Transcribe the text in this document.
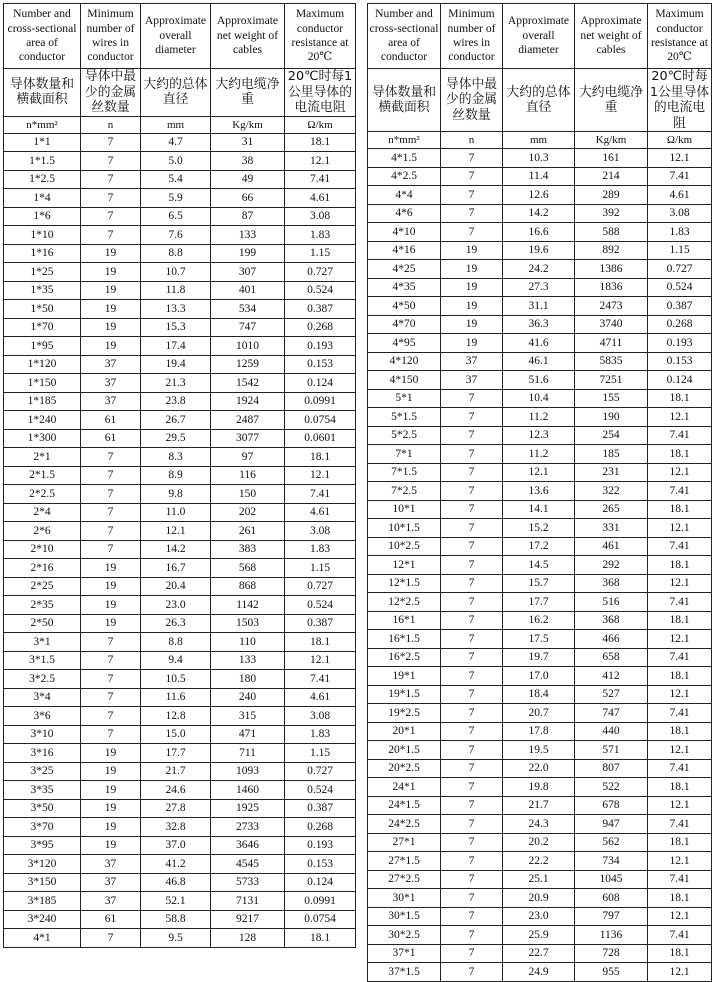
Number and cross-sectional area of conductor	Minimum number of wires in conductor	Approximate overall diameter	Approximate net weight of cables	Maximum conductor resistance at 20℃
导体数量和横截面积	导体中最少的金属丝数量	大约的总体直径	大约电缆净重	20℃时每1公里导体的电流电阻
n*mm²	n	mm	Kg/km	Ω/km
1*1	7	4.7	31	18.1
1*1.5	7	5.0	38	12.1
1*2.5	7	5.4	49	7.41
1*4	7	5.9	66	4.61
1*6	7	6.5	87	3.08
1*10	7	7.6	133	1.83
1*16	19	8.8	199	1.15
1*25	19	10.7	307	0.727
1*35	19	11.8	401	0.524
1*50	19	13.3	534	0.387
1*70	19	15.3	747	0.268
1*95	19	17.4	1010	0.193
1*120	37	19.4	1259	0.153
1*150	37	21.3	1542	0.124
1*185	37	23.8	1924	0.0991
1*240	61	26.7	2487	0.0754
1*300	61	29.5	3077	0.0601
2*1	7	8.3	97	18.1
2*1.5	7	8.9	116	12.1
2*2.5	7	9.8	150	7.41
2*4	7	11.0	202	4.61
2*6	7	12.1	261	3.08
2*10	7	14.2	383	1.83
2*16	19	16.7	568	1.15
2*25	19	20.4	868	0.727
2*35	19	23.0	1142	0.524
2*50	19	26.3	1503	0.387
3*1	7	8.8	110	18.1
3*1.5	7	9.4	133	12.1
3*2.5	7	10.5	180	7.41
3*4	7	11.6	240	4.61
3*6	7	12.8	315	3.08
3*10	7	15.0	471	1.83
3*16	19	17.7	711	1.15
3*25	19	21.7	1093	0.727
3*35	19	24.6	1460	0.524
3*50	19	27.8	1925	0.387
3*70	19	32.8	2733	0.268
3*95	19	37.0	3646	0.193
3*120	37	41.2	4545	0.153
3*150	37	46.8	5733	0.124
3*185	37	52.1	7131	0.0991
3*240	61	58.8	9217	0.0754
4*1	7	9.5	128	18.1
Number and cross-sectional area of conductor	Minimum number of wires in conductor	Approximate overall diameter	Approximate net weight of cables	Maximum conductor resistance at 20℃
导体数量和横截面积	导体中最少的金属丝数量	大约的总体直径	大约电缆净重	20℃时每1公里导体的电流电阻
n*mm²	n	mm	Kg/km	Ω/km
4*1.5	7	10.3	161	12.1
4*2.5	7	11.4	214	7.41
4*4	7	12.6	289	4.61
4*6	7	14.2	392	3.08
4*10	7	16.6	588	1.83
4*16	19	19.6	892	1.15
4*25	19	24.2	1386	0.727
4*35	19	27.3	1836	0.524
4*50	19	31.1	2473	0.387
4*70	19	36.3	3740	0.268
4*95	19	41.6	4711	0.193
4*120	37	46.1	5835	0.153
4*150	37	51.6	7251	0.124
5*1	7	10.4	155	18.1
5*1.5	7	11.2	190	12.1
5*2.5	7	12.3	254	7.41
7*1	7	11.2	185	18.1
7*1.5	7	12.1	231	12.1
7*2.5	7	13.6	322	7.41
10*1	7	14.1	265	18.1
10*1.5	7	15.2	331	12.1
10*2.5	7	17.2	461	7.41
12*1	7	14.5	292	18.1
12*1.5	7	15.7	368	12.1
12*2.5	7	17.7	516	7.41
16*1	7	16.2	368	18.1
16*1.5	7	17.5	466	12.1
16*2.5	7	19.7	658	7.41
19*1	7	17.0	412	18.1
19*1.5	7	18.4	527	12.1
19*2.5	7	20.7	747	7.41
20*1	7	17.8	440	18.1
20*1.5	7	19.5	571	12.1
20*2.5	7	22.0	807	7.41
24*1	7	19.8	522	18.1
24*1.5	7	21.7	678	12.1
24*2.5	7	24.3	947	7.41
27*1	7	20.2	562	18.1
27*1.5	7	22.2	734	12.1
27*2.5	7	25.1	1045	7.41
30*1	7	20.9	608	18.1
30*1.5	7	23.0	797	12.1
30*2.5	7	25.9	1136	7.41
37*1	7	22.7	728	18.1
37*1.5	7	24.9	955	12.1
